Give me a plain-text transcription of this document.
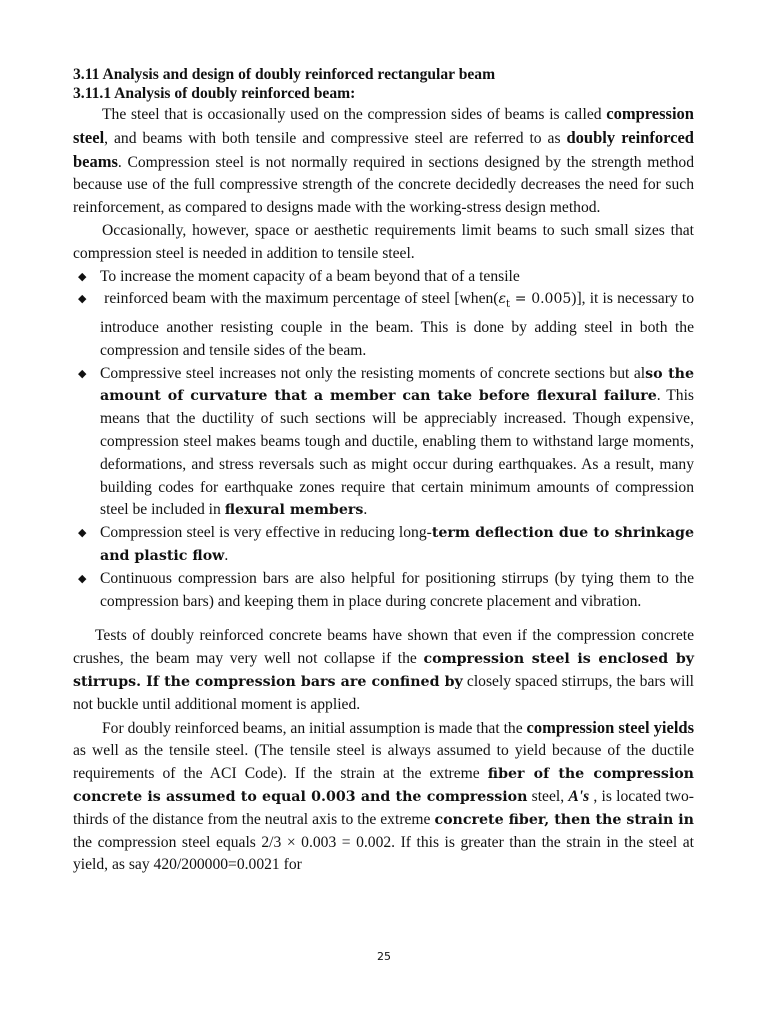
3.11 Analysis and design of doubly reinforced rectangular beam
3.11.1 Analysis of doubly reinforced beam:

The steel that is occasionally used on the compression sides of beams is called compression steel, and beams with both tensile and compressive steel are referred to as doubly reinforced beams. Compression steel is not normally required in sections designed by the strength method because use of the full compressive strength of the concrete decidedly decreases the need for such reinforcement, as compared to designs made with the working-stress design method.

Occasionally, however, space or aesthetic requirements limit beams to such small sizes that compression steel is needed in addition to tensile steel.

◆ To increase the moment capacity of a beam beyond that of a tensile
◆ reinforced beam with the maximum percentage of steel $[when(\varepsilon_t = 0.005)]$, it is necessary to introduce another resisting couple in the beam. This is done by adding steel in both the compression and tensile sides of the beam.
◆ Compressive steel increases not only the resisting moments of concrete sections but also the amount of curvature that a member can take before flexural failure. This means that the ductility of such sections will be appreciably increased. Though expensive, compression steel makes beams tough and ductile, enabling them to withstand large moments, deformations, and stress reversals such as might occur during earthquakes. As a result, many building codes for earthquake zones require that certain minimum amounts of compression steel be included in flexural members.
◆ Compression steel is very effective in reducing long-term deflection due to shrinkage and plastic flow.
◆ Continuous compression bars are also helpful for positioning stirrups (by tying them to the compression bars) and keeping them in place during concrete placement and vibration.

Tests of doubly reinforced concrete beams have shown that even if the compression concrete crushes, the beam may very well not collapse if the compression steel is enclosed by stirrups. If the compression bars are confined by closely spaced stirrups, the bars will not buckle until additional moment is applied.

For doubly reinforced beams, an initial assumption is made that the compression steel yields as well as the tensile steel. (The tensile steel is always assumed to yield because of the ductile requirements of the ACI Code). If the strain at the extreme fiber of the compression concrete is assumed to equal 0.003 and the compression steel, A's , is located two-thirds of the distance from the neutral axis to the extreme concrete fiber, then the strain in the compression steel equals 2/3 × 0.003 = 0.002. If this is greater than the strain in the steel at yield, as say 420/200000=0.0021 for

25
